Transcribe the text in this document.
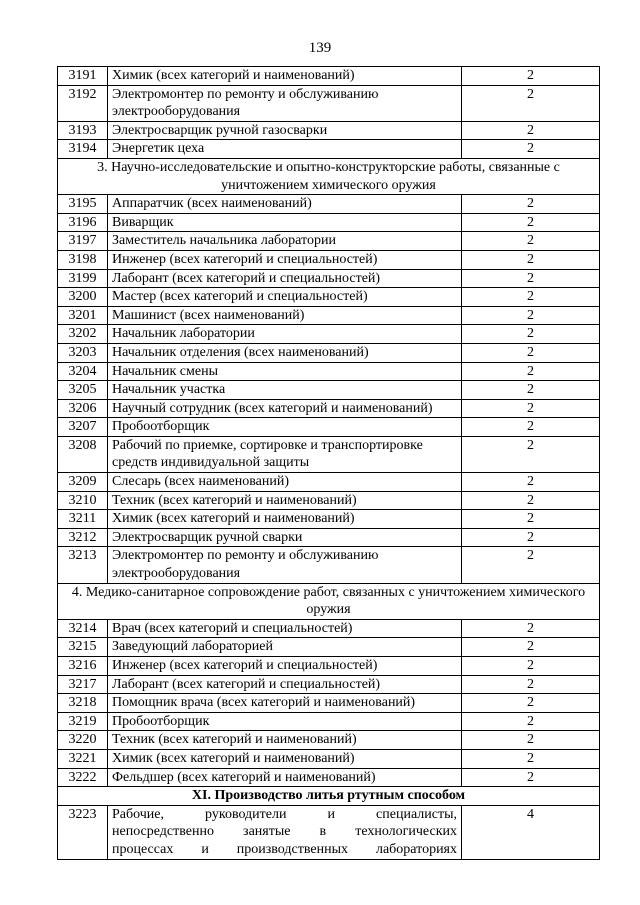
139
3191	Химик (всех категорий и наименований)	2
3192	Электромонтер по ремонту и обслуживанию электрооборудования	2
3193	Электросварщик ручной газосварки	2
3194	Энергетик цеха	2
3. Научно-исследовательские и опытно-конструкторские работы, связанные с уничтожением химического оружия		
3195	Аппаратчик (всех наименований)	2
3196	Виварщик	2
3197	Заместитель начальника лаборатории	2
3198	Инженер (всех категорий и специальностей)	2
3199	Лаборант (всех категорий и специальностей)	2
3200	Мастер (всех категорий и специальностей)	2
3201	Машинист (всех наименований)	2
3202	Начальник лаборатории	2
3203	Начальник отделения (всех наименований)	2
3204	Начальник смены	2
3205	Начальник участка	2
3206	Научный сотрудник (всех категорий и наименований)	2
3207	Пробоотборщик	2
3208	Рабочий по приемке, сортировке и транспортировке средств индивидуальной защиты	2
3209	Слесарь (всех наименований)	2
3210	Техник (всех категорий и наименований)	2
3211	Химик (всех категорий и наименований)	2
3212	Электросварщик ручной сварки	2
3213	Электромонтер по ремонту и обслуживанию электрооборудования	2
4. Медико-санитарное сопровождение работ, связанных с уничтожением химического оружия		
3214	Врач (всех категорий и специальностей)	2
3215	Заведующий лабораторией	2
3216	Инженер (всех категорий и специальностей)	2
3217	Лаборант (всех категорий и специальностей)	2
3218	Помощник врача (всех категорий и наименований)	2
3219	Пробоотборщик	2
3220	Техник (всех категорий и наименований)	2
3221	Химик (всех категорий и наименований)	2
3222	Фельдшер (всех категорий и наименований)	2
XI. Производство литья ртутным способом		
3223	Рабочие, руководители и специалисты,
непосредственно занятые в технологических
процессах и производственных лабораториях	4
